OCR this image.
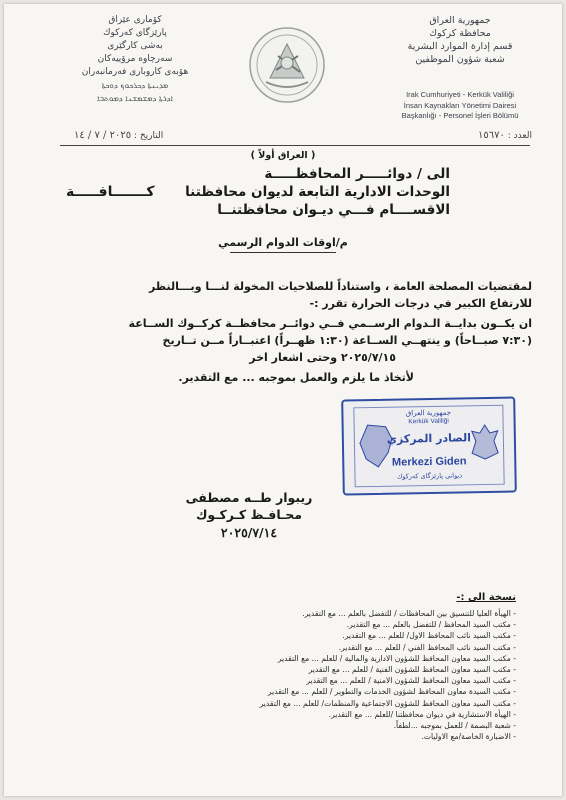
جمهورية العراق
محافظة كركوك
قسم إدارة الموارد البشرية
شعبة شؤون الموظفين
Irak Cumhuriyeti - Kerkük Valiliği
İnsan Kaynakları Yönetimi Dairesi
Başkanlığı - Personel İşleri Bölümü
كۆماری عێراق
پارێزگای كەركوك
بەشی كارگێری
سەرچاوە مرۆییەكان
هۆبەی كاروباری فەرمانبەران
ܡܕܝܢܬܐ ܕܟܪܟܘܟ ܕܘܟܬܐ
ܐܕܪܬܐ ܕܡܫܡܫܢܐ ܕܡܘܬܒܐ
العدد : ١٥٦٧٠
التاريخ : ٢٠٢٥ / ٧ / ١٤
( العراق أولاً )
الى / دوائـــــر المحافظـــــة
الوحدات الادارية التابعة لديوان محافظتنا
الاقســــام فـــي ديـوان محافظتنــا
كـــــــافـــــة
م/اوقات الدوام الرسمي
لمقتضيات المصلحة العامة ، واستناداً للصلاحيات المخولة لنـــا وبـــالنظر
للارتفاع الكبير في درجات الحرارة تقرر :-
ان يكــون بدايــة الـدوام الرســمي فــي دوائــر محافظــة كركــوك الســاعة
(٧:٣٠ صبــاحاً) و ينتهــي الســاعة (١:٣٠ ظهــراً) اعتبــاراً مــن تــاريخ
٢٠٢٥/٧/١٥ وحتى اشعار اخر
لأتخاذ ما يلزم والعمل بموجبه ... مع التقدير.
جمهورية العراق
Kerkük Valiliği
الصادر المركزي
Merkezi Giden
دیوانی پارێزگای كەركوك
ريبوار طــه مصطفى
محـافـظ كـركـوك
٢٠٢٥/٧/١٤
نسخة الى :-
- الهيأة العليا للتنسيق بين المحافظات / للتفضل بالعلم ... مع التقدير.
- مكتب السيد المحافظ / للتفضل بالعلم ... مع التقدير.
- مكتب السيد نائب المحافظ الاول/ للعلم ... مع التقدير.
- مكتب السيد نائب المحافظ الفني / للعلم ... مع التقدير.
- مكتب السيد معاون المحافظ للشؤون الادارية والمالية / للعلم ... مع التقدير
- مكتب السيد معاون المحافظ للشؤون الفنية / للعلم ... مع التقدير
- مكتب السيد معاون المحافظ للشؤون الامنية / للعلم ... مع التقدير
- مكتب السيدة معاون المحافظ لشؤون الخدمات والتطوير / للعلم ... مع التقدير
- مكتب السيد معاون المحافظ للشؤون الاجتماعية والمنظمات/ للعلم ... مع التقدير
- الهيأة الاستشارية في ديوان محافظتنا /للعلم ... مع التقدير.
- شعبة البصمة / للعمل بموجبه ...لطفاً.
- الاضبارة الخاصة/مع الاوليات.
